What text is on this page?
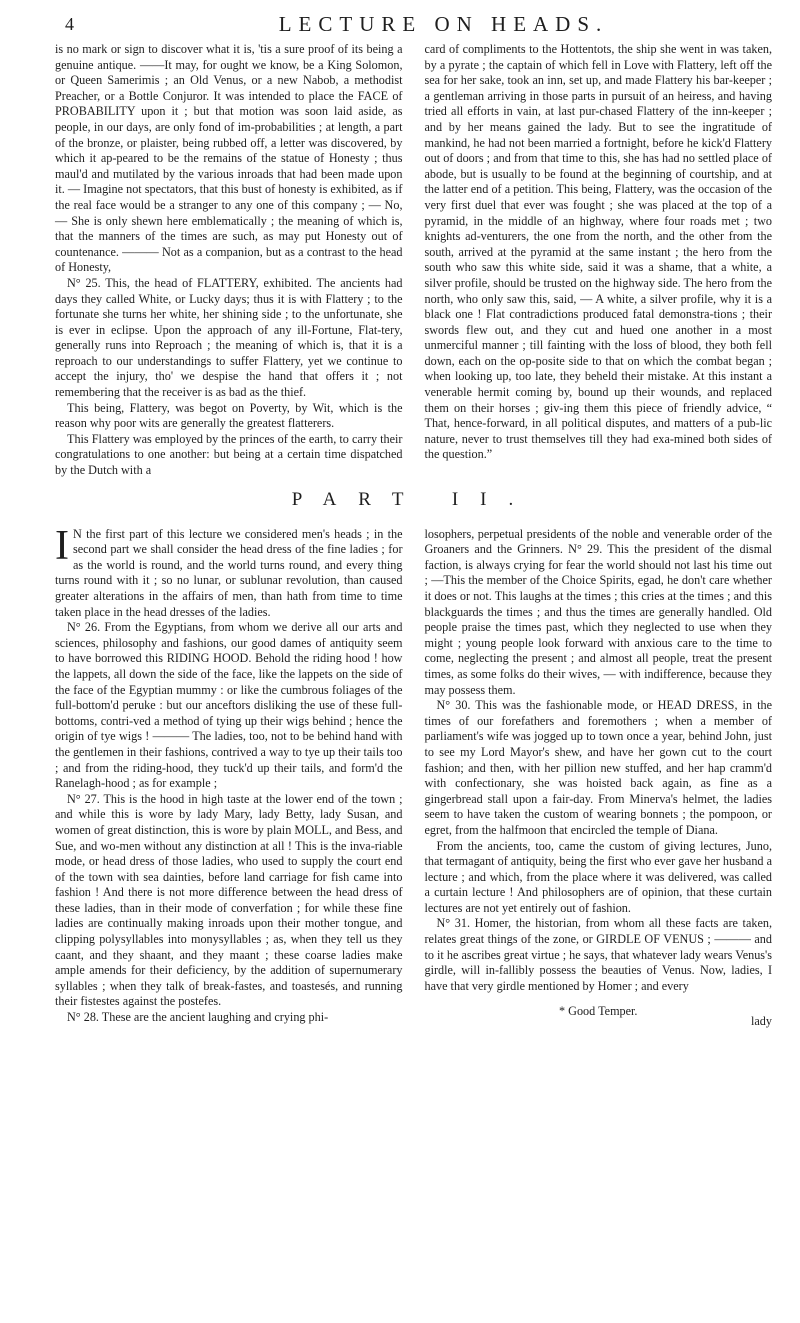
4	LECTURE ON HEADS.

is no mark or sign to discover what it is, 'tis a sure proof of its being a genuine antique. ——It may, for ought we know, be a King Solomon, or Queen Samerimis ; an Old Venus, or a new Nabob, a methodist Preacher, or a Bottle Conjuror. It was intended to place the FACE of PROBABILITY upon it ; but that motion was soon laid aside, as people, in our days, are only fond of im-probabilities ; at length, a part of the bronze, or plaister, being rubbed off, a letter was discovered, by which it ap-peared to be the remains of the statue of Honesty ; thus maul'd and mutilated by the various inroads that had been made upon it. — Imagine not spectators, that this bust of honesty is exhibited, as if the real face would be a stranger to any one of this company ; — No, — She is only shewn here emblematically ; the meaning of which is, that the manners of the times are such, as may put Honesty out of countenance. ——— Not as a companion, but as a contrast to the head of Honesty,

N° 25. This, the head of FLATTERY, exhibited. The ancients had days they called White, or Lucky days; thus it is with Flattery ; to the fortunate she turns her white, her shining side ; to the unfortunate, she is ever in eclipse. Upon the approach of any ill-Fortune, Flat-tery, generally runs into Reproach ; the meaning of which is, that it is a reproach to our understandings to suffer Flattery, yet we continue to accept the injury, tho' we despise the hand that offers it ; not remembering that the receiver is as bad as the thief.

This being, Flattery, was begot on Poverty, by Wit, which is the reason why poor wits are generally the greatest flatterers.

This Flattery was employed by the princes of the earth, to carry their congratulations to one another: but being at a certain time dispatched by the Dutch with a

card of compliments to the Hottentots, the ship she went in was taken, by a pyrate ; the captain of which fell in Love with Flattery, left off the sea for her sake, took an inn, set up, and made Flattery his bar-keeper ; a gentleman arriving in those parts in pursuit of an heiress, and having tried all efforts in vain, at last pur-chased Flattery of the inn-keeper ; and by her means gained the lady. But to see the ingratitude of mankind, he had not been married a fortnight, before he kick'd Flattery out of doors ; and from that time to this, she has had no settled place of abode, but is usually to be found at the beginning of courtship, and at the latter end of a petition. This being, Flattery, was the occasion of the very first duel that ever was fought ; she was placed at the top of a pyramid, in the middle of an highway, where four roads met ; two knights ad-venturers, the one from the north, and the other from the south, arrived at the pyramid at the same instant ; the hero from the south who saw this white side, said it was a shame, that a white, a silver profile, should be trusted on the highway side. The hero from the north, who only saw this, said, — A white, a silver profile, why it is a black one ! Flat contradictions produced fatal demonstra-tions ; their swords flew out, and they cut and hued one another in a most unmerciful manner ; till fainting with the loss of blood, they both fell down, each on the op-posite side to that on which the combat began ; when looking up, too late, they beheld their mistake. At this instant a venerable hermit coming by, bound up their wounds, and replaced them on their horses ; giv-ing them this piece of friendly advice, “ That, hence-forward, in all political disputes, and matters of a pub-lic nature, never to trust themselves till they had exa-mined both sides of the question.”

PART II.

I N the first part of this lecture we considered men's heads ; in the second part we shall consider the head dress of the fine ladies ; for as the world is round, and the world turns round, and every thing turns round with it ; so no lunar, or sublunar revolution, than caused greater alterations in the affairs of men, than hath from time to time taken place in the head dresses of the ladies.

N° 26. From the Egyptians, from whom we derive all our arts and sciences, philosophy and fashions, our good dames of antiquity seem to have borrowed this RIDING HOOD. Behold the riding hood ! how the lappets, all down the side of the face, like the lappets on the side of the face of the Egyptian mummy : or like the cumbrous foliages of the full-bottom'd peruke : but our anceftors disliking the use of these full-bottoms, contri-ved a method of tying up their wigs behind ; hence the origin of tye wigs ! ——— The ladies, too, not to be behind hand with the gentlemen in their fashions, contrived a way to tye up their tails too ; and from the riding-hood, they tuck'd up their tails, and form'd the Ranelagh-hood ; as for example ;

N° 27. This is the hood in high taste at the lower end of the town ; and while this is wore by lady Mary, lady Betty, lady Susan, and women of great distinction, this is wore by plain MOLL, and Bess, and Sue, and wo-men without any distinction at all ! This is the inva-riable mode, or head dress of those ladies, who used to supply the court end of the town with sea dainties, before land carriage for fish came into fashion ! And there is not more difference between the head dress of these ladies, than in their mode of converfation ; for while these fine ladies are continually making inroads upon their mother tongue, and clipping polysyllables into monysyllables ; as, when they tell us they caant, and they shaant, and they maant ; these coarse ladies make ample amends for their deficiency, by the addition of supernumerary syllables ; when they talk of break-fastes, and toastesés, and running their fistestes against the postefes.

N° 28. These are the ancient laughing and crying phi-

losophers, perpetual presidents of the noble and venerable order of the Groaners and the Grinners. N° 29. This the president of the dismal faction, is always crying for fear the world should not last his time out ; —This the member of the Choice Spirits, egad, he don't care whether it does or not. This laughs at the times ; this cries at the times ; and this blackguards the times ; and thus the times are generally handled. Old people praise the times past, which they neglected to use when they might ; young people look forward with anxious care to the time to come, neglecting the present ; and almost all people, treat the present times, as some folks do their wives, — with indifference, because they may possess them.

N° 30. This was the fashionable mode, or HEAD DRESS, in the times of our forefathers and foremothers ; when a member of parliament's wife was jogged up to town once a year, behind John, just to see my Lord Mayor's shew, and have her gown cut to the court fashion; and then, with her pillion new stuffed, and her hap cramm'd with confectionary, she was hoisted back again, as fine as a gingerbread stall upon a fair-day. From Minerva's helmet, the ladies seem to have taken the custom of wearing bonnets ; the pompoon, or egret, from the halfmoon that encircled the temple of Diana.

From the ancients, too, came the custom of giving lectures, Juno, that termagant of antiquity, being the first who ever gave her husband a lecture ; and which, from the place where it was delivered, was called a curtain lecture ! And philosophers are of opinion, that these curtain lectures are not yet entirely out of fashion.

N° 31. Homer, the historian, from whom all these facts are taken, relates great things of the zone, or GIRDLE OF VENUS ; ——— and to it he ascribes great virtue ; he says, that whatever lady wears Venus's girdle, will in-fallibly possess the beauties of Venus. Now, ladies, I have that very girdle mentioned by Homer ; and every

* Good Temper.
lady
